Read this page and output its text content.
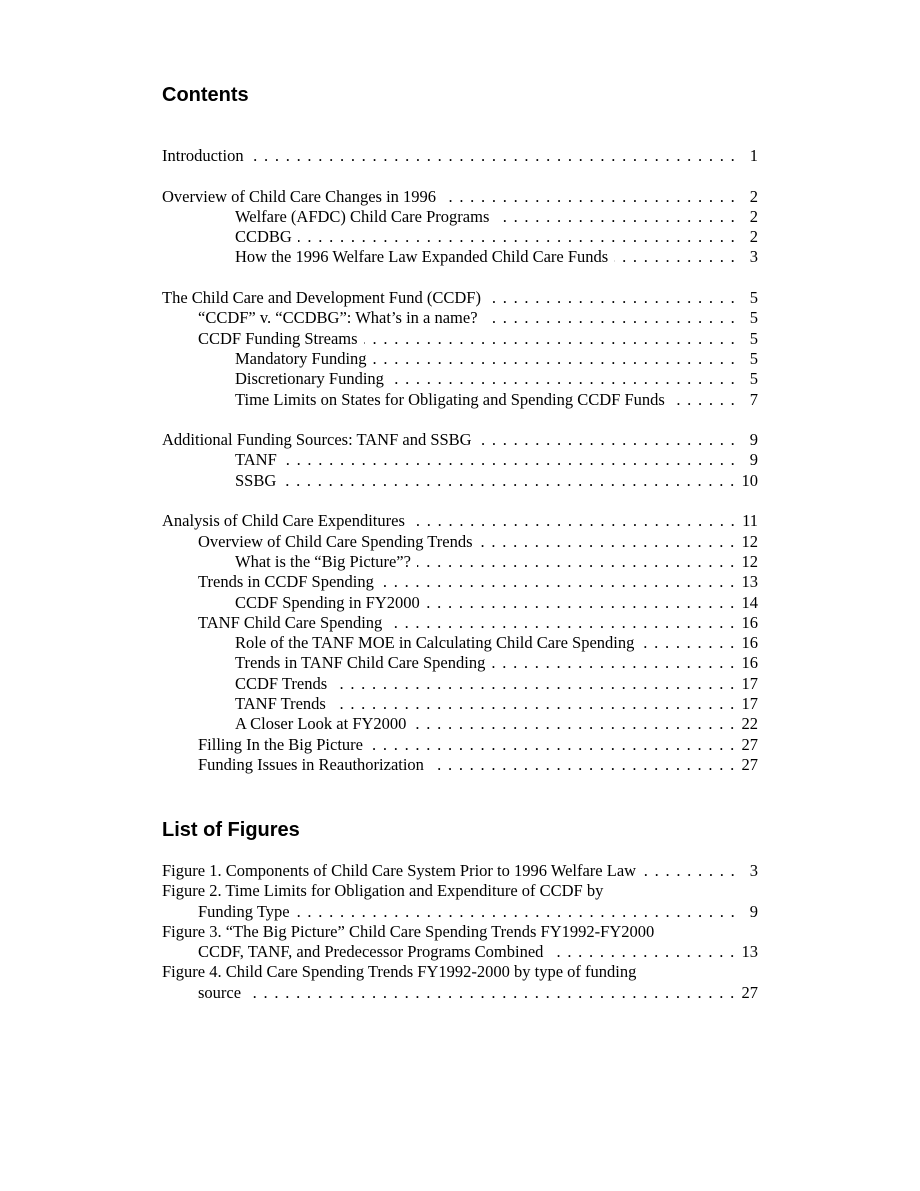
Contents
Introduction . . .	1
Overview of Child Care Changes in 1996 . . .	2
Welfare (AFDC) Child Care Programs . . .	2
CCDBG . . .	2
How the 1996 Welfare Law Expanded Child Care Funds . . .	3
The Child Care and Development Fund (CCDF) . . .	5
“CCDF” v. “CCDBG”: What’s in a name? . . .	5
CCDF Funding Streams . . .	5
Mandatory Funding . . .	5
Discretionary Funding . . .	5
Time Limits on States for Obligating and Spending CCDF Funds . . .	7
Additional Funding Sources: TANF and SSBG . . .	9
TANF . . .	9
SSBG . . .	10
Analysis of Child Care Expenditures . . .	11
Overview of Child Care Spending Trends . . .	12
What is the “Big Picture”? . . .	12
Trends in CCDF Spending . . .	13
CCDF Spending in FY2000 . . .	14
TANF Child Care Spending . . .	16
Role of the TANF MOE in Calculating Child Care Spending . . .	16
Trends in TANF Child Care Spending . . .	16
CCDF Trends . . .	17
TANF Trends . . .	17
A Closer Look at FY2000 . . .	22
Filling In the Big Picture . . .	27
Funding Issues in Reauthorization . . .	27
List of Figures
Figure 1. Components of Child Care System Prior to 1996 Welfare Law . . .	3
Figure 2. Time Limits for Obligation and Expenditure of CCDF by
Funding Type . . .	9
Figure 3. “The Big Picture” Child Care Spending Trends FY1992-FY2000
CCDF, TANF, and Predecessor Programs Combined . . .	13
Figure 4. Child Care Spending Trends FY1992-2000 by type of funding
source . . .	27
